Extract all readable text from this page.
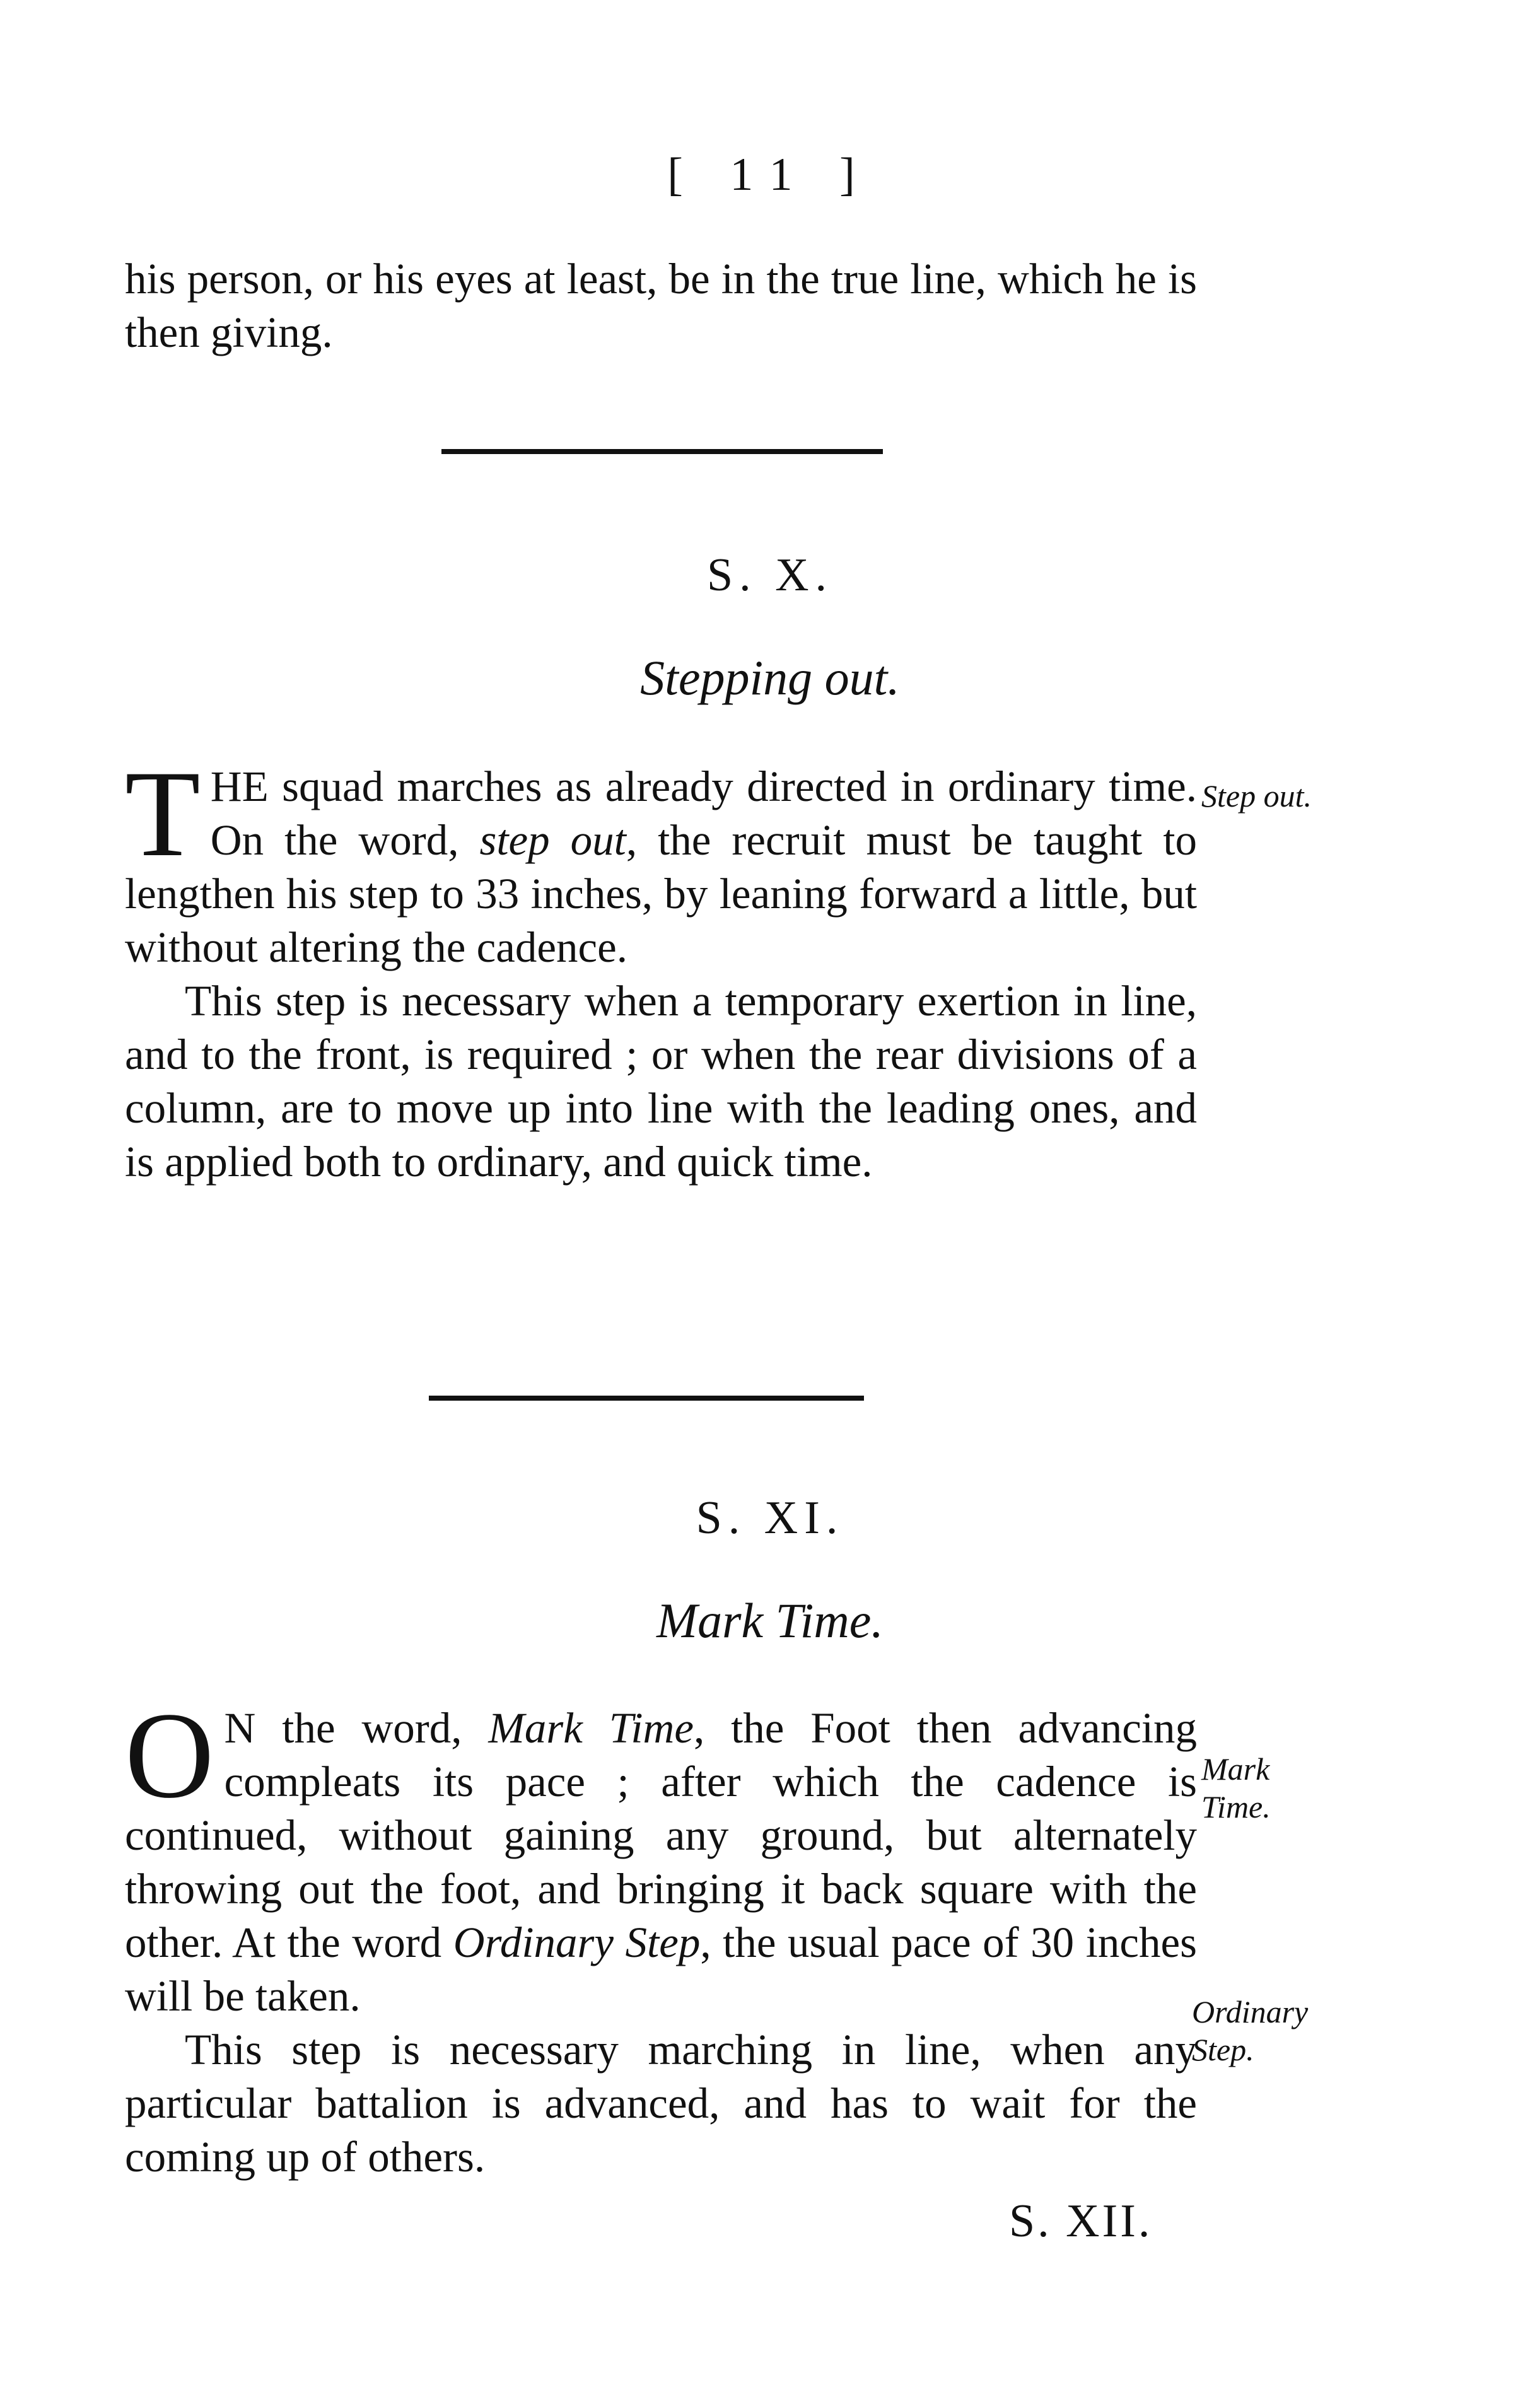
[ 11 ]

his person, or his eyes at least, be in the true line, which he is then giving.

S. X.
Stepping out.

THE squad marches as already directed in ordinary time. On the word, step out, the recruit must be taught to lengthen his step to 33 inches, by leaning forward a little, but without altering the cadence.

This step is necessary when a temporary exertion in line, and to the front, is required ; or when the rear divisions of a column, are to move up into line with the leading ones, and is applied both to ordinary, and quick time.

Step out.
S. XI.
Mark Time.

O N the word, Mark Time, the Foot then advancing compleats its pace ; after which the cadence is continued, without gaining any ground, but alternately throwing out the foot, and bringing it back square with the other. At the word Ordinary Step, the usual pace of 30 inches will be taken.

This step is necessary marching in line, when any particular battalion is advanced, and has to wait for the coming up of others.

Mark Time.
Ordinary Step.
S. XII.
